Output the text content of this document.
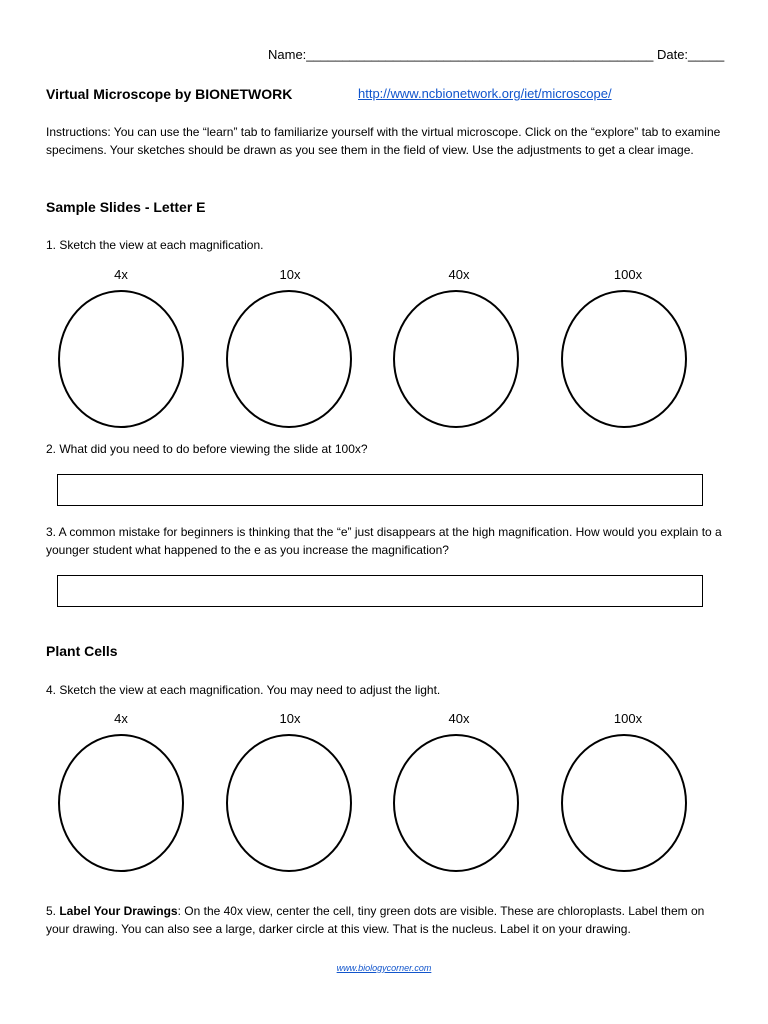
Name:________________________________________________ Date:_____
Virtual Microscope by BIONETWORK	http://www.ncbionetwork.org/iet/microscope/
Instructions: You can use the “learn” tab to familiarize yourself with the virtual microscope. Click on the “explore” tab to examine specimens. Your sketches should be drawn as you see them in the field of view. Use the adjustments to get a clear image.
Sample Slides - Letter E
1. Sketch the view at each magnification.
4x	10x	40x	100x
2. What did you need to do before viewing the slide at 100x?
3. A common mistake for beginners is thinking that the “e” just disappears at the high magnification. How would you explain to a younger student what happened to the e as you increase the magnification?
Plant Cells
4. Sketch the view at each magnification. You may need to adjust the light.
4x	10x	40x	100x
5. Label Your Drawings: On the 40x view, center the cell, tiny green dots are visible. These are chloroplasts. Label them on your drawing. You can also see a large, darker circle at this view. That is the nucleus. Label it on your drawing.
www.biologycorner.com
